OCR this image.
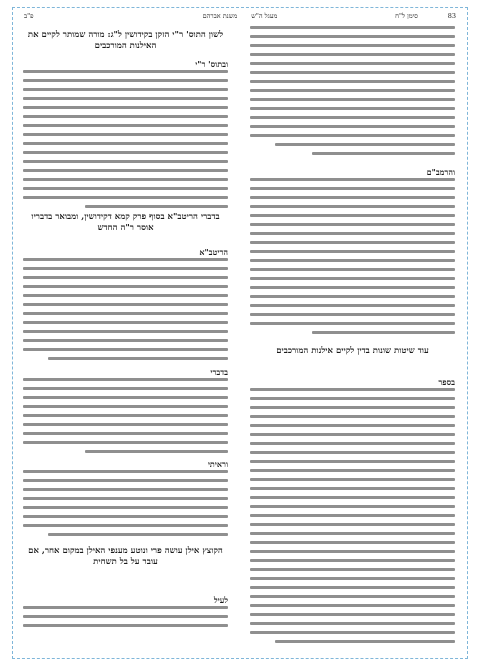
83
סימן ל"ח
מעגל ה"שמשנת אברהם
פ"ב
והרמב"ם

עוד שיטות שונות בדין לקיים אילנות המורכבים

בספר

לשון התוס' ר"י הזקן בקידושין ל"ג: מורה שמותר לקיים את האילנות המורכבים

ובתוס' ר"י

בדברי הריטב"א בסוף פרק קמא דקידושין, ומבואר בדבריו אוסר ר"ה החדש

הריטב"א
בדברי
וראיתי

הקוצץ אילן עושה פרי ונוטע מענפי האילן במקום אחר, אם עובר על בל תשחית

לעיל
